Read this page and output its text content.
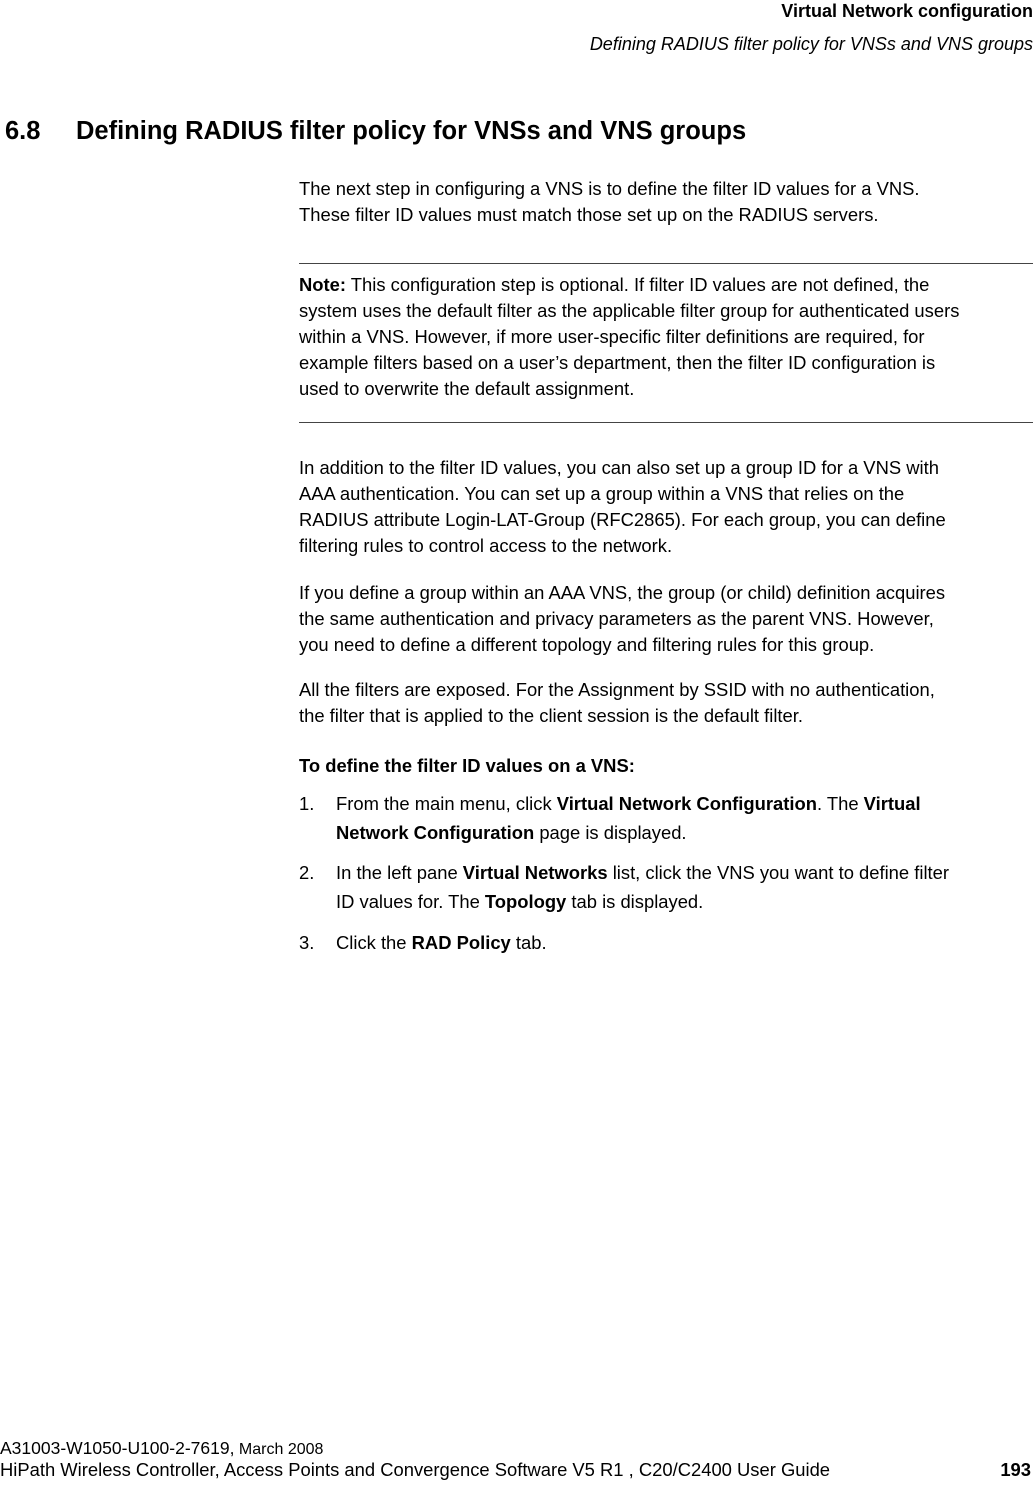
Virtual Network configuration
Defining RADIUS filter policy for VNSs and VNS groups
6.8 Defining RADIUS filter policy for VNSs and VNS groups
The next step in configuring a VNS is to define the filter ID values for a VNS.
These filter ID values must match those set up on the RADIUS servers.
Note: This configuration step is optional. If filter ID values are not defined, the
system uses the default filter as the applicable filter group for authenticated users
within a VNS. However, if more user-specific filter definitions are required, for
example filters based on a user’s department, then the filter ID configuration is
used to overwrite the default assignment.
In addition to the filter ID values, you can also set up a group ID for a VNS with
AAA authentication. You can set up a group within a VNS that relies on the
RADIUS attribute Login-LAT-Group (RFC2865). For each group, you can define
filtering rules to control access to the network.
If you define a group within an AAA VNS, the group (or child) definition acquires
the same authentication and privacy parameters as the parent VNS. However,
you need to define a different topology and filtering rules for this group.
All the filters are exposed. For the Assignment by SSID with no authentication,
the filter that is applied to the client session is the default filter.
To define the filter ID values on a VNS:
1. From the main menu, click Virtual Network Configuration. The Virtual
Network Configuration page is displayed.
2. In the left pane Virtual Networks list, click the VNS you want to define filter
ID values for. The Topology tab is displayed.
3. Click the RAD Policy tab.
A31003-W1050-U100-2-7619, March 2008
HiPath Wireless Controller, Access Points and Convergence Software V5 R1 , C20/C2400 User Guide	193
